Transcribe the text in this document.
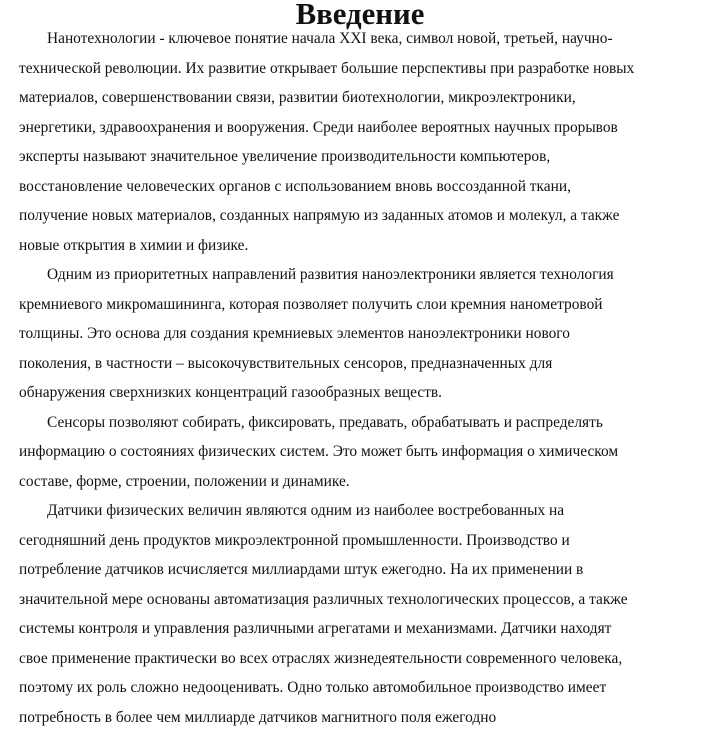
Введение

Нанотехнологии - ключевое понятие начала XXI века, символ новой, третьей, научно-
технической революции. Их развитие открывает большие перспективы при разработке новых
материалов, совершенствовании связи, развитии биотехнологии, микроэлектроники,
энергетики, здравоохранения и вооружения. Среди наиболее вероятных научных прорывов
эксперты называют значительное увеличение производительности компьютеров,
восстановление человеческих органов с использованием вновь воссозданной ткани,
получение новых материалов, созданных напрямую из заданных атомов и молекул, а также
новые открытия в химии и физике.

Одним из приоритетных направлений развития наноэлектроники является технология
кремниевого микромашининга, которая позволяет получить слои кремния нанометровой
толщины. Это основа для создания кремниевых элементов наноэлектроники нового
поколения, в частности – высокочувствительных сенсоров, предназначенных для
обнаружения сверхнизких концентраций газообразных веществ.

Сенсоры позволяют собирать, фиксировать, предавать, обрабатывать и распределять
информацию о состояниях физических систем. Это может быть информация о химическом
составе, форме, строении, положении и динамике.

Датчики физических величин являются одним из наиболее востребованных на
сегодняшний день продуктов микроэлектронной промышленности. Производство и
потребление датчиков исчисляется миллиардами штук ежегодно. На их применении в
значительной мере основаны автоматизация различных технологических процессов, а также
системы контроля и управления различными агрегатами и механизмами. Датчики находят
свое применение практически во всех отраслях жизнедеятельности современного человека,
поэтому их роль сложно недооценивать. Одно только автомобильное производство имеет
потребность в более чем миллиарде датчиков магнитного поля ежегодно
